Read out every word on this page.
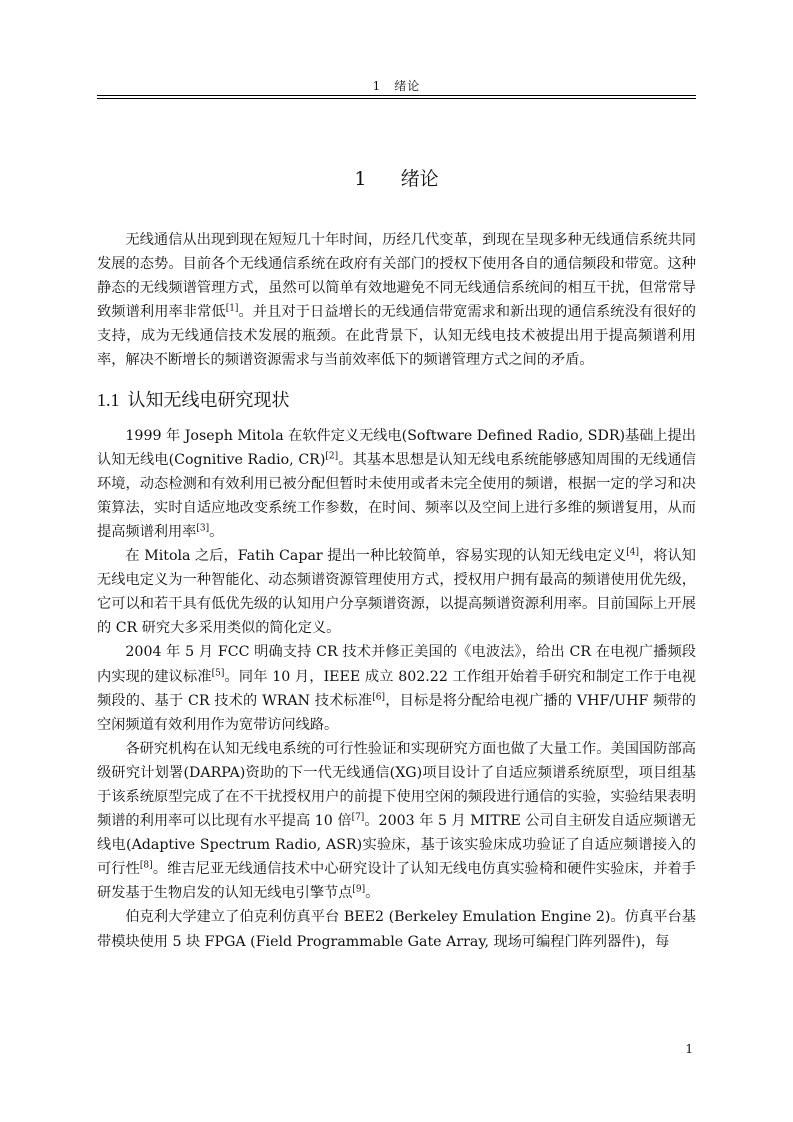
1　绪论
1 绪论

无线通信从出现到现在短短几十年时间，历经几代变革，到现在呈现多种无线通信系统共同发展的态势。目前各个无线通信系统在政府有关部门的授权下使用各自的通信频段和带宽。这种静态的无线频谱管理方式，虽然可以简单有效地避免不同无线通信系统间的相互干扰，但常常导致频谱利用率非常低[1]。并且对于日益增长的无线通信带宽需求和新出现的通信系统没有很好的支持，成为无线通信技术发展的瓶颈。在此背景下，认知无线电技术被提出用于提高频谱利用率，解决不断增长的频谱资源需求与当前效率低下的频谱管理方式之间的矛盾。

1.1 认知无线电研究现状

1999 年 Joseph Mitola 在软件定义无线电(Software Defined Radio, SDR)基础上提出认知无线电(Cognitive Radio, CR)[2]。其基本思想是认知无线电系统能够感知周围的无线通信环境，动态检测和有效利用已被分配但暂时未使用或者未完全使用的频谱，根据一定的学习和决策算法，实时自适应地改变系统工作参数，在时间、频率以及空间上进行多维的频谱复用，从而提高频谱利用率[3]。

在 Mitola 之后，Fatih Capar 提出一种比较简单，容易实现的认知无线电定义[4]，将认知无线电定义为一种智能化、动态频谱资源管理使用方式，授权用户拥有最高的频谱使用优先级，它可以和若干具有低优先级的认知用户分享频谱资源，以提高频谱资源利用率。目前国际上开展的 CR 研究大多采用类似的简化定义。

2004 年 5 月 FCC 明确支持 CR 技术并修正美国的《电波法》，给出 CR 在电视广播频段内实现的建议标准[5]。同年 10 月，IEEE 成立 802.22 工作组开始着手研究和制定工作于电视频段的、基于 CR 技术的 WRAN 技术标准[6]，目标是将分配给电视广播的 VHF/UHF 频带的空闲频道有效利用作为宽带访问线路。

各研究机构在认知无线电系统的可行性验证和实现研究方面也做了大量工作。美国国防部高级研究计划署(DARPA)资助的下一代无线通信(XG)项目设计了自适应频谱系统原型，项目组基于该系统原型完成了在不干扰授权用户的前提下使用空闲的频段进行通信的实验，实验结果表明频谱的利用率可以比现有水平提高 10 倍[7]。2003 年 5 月 MITRE 公司自主研发自适应频谱无线电(Adaptive Spectrum Radio, ASR)实验床，基于该实验床成功验证了自适应频谱接入的可行性[8]。维吉尼亚无线通信技术中心研究设计了认知无线电仿真实验椅和硬件实验床，并着手研发基于生物启发的认知无线电引擎节点[9]。

伯克利大学建立了伯克利仿真平台 BEE2 (Berkeley Emulation Engine 2)。仿真平台基带模块使用 5 块 FPGA (Field Programmable Gate Array, 现场可编程门阵列器件)，每

1
